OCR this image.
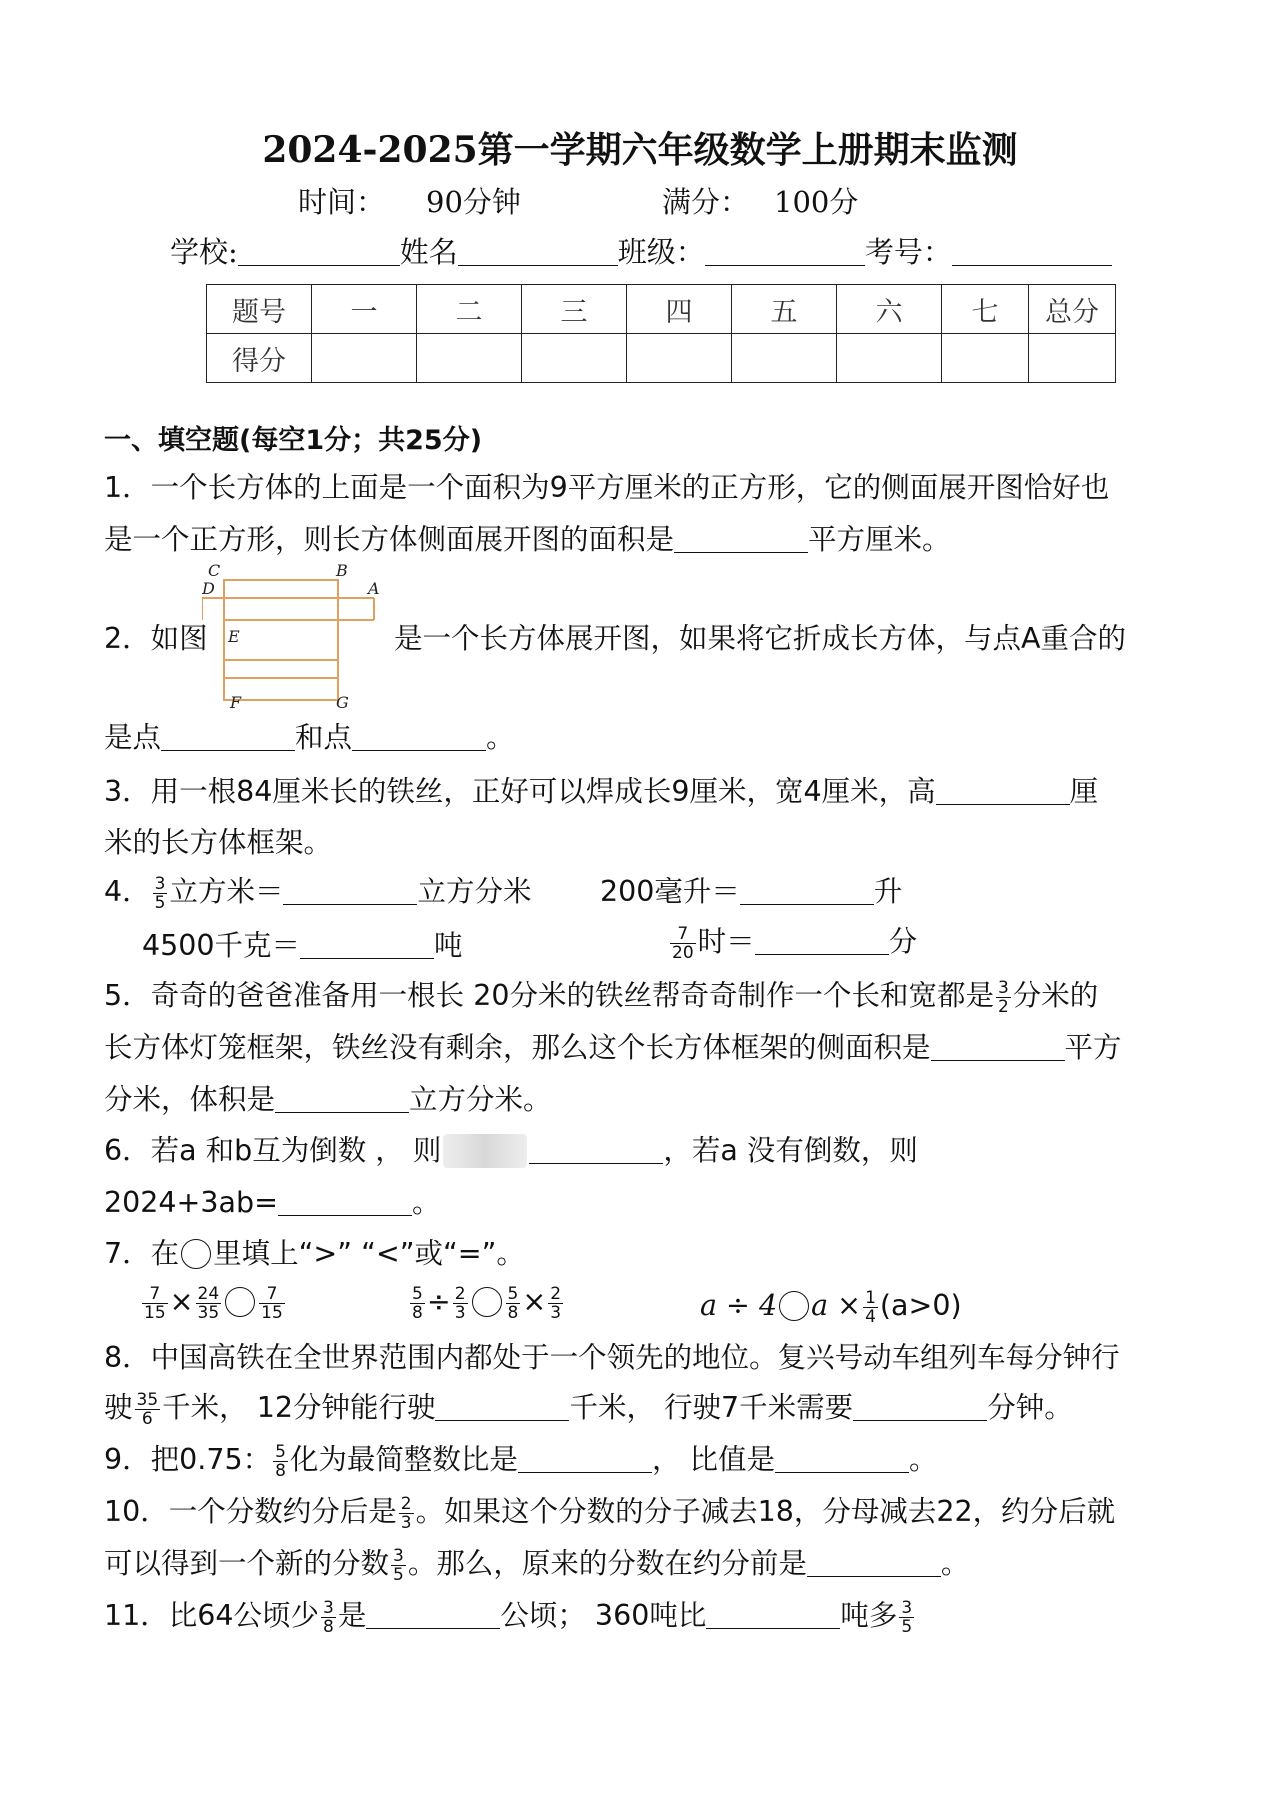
2024-2025第一学期六年级数学上册期末监测
时间： 90分钟	满分： 100分
学校:	姓名	班级：	考号：
题号	一	二	三	四	五	六	七	总分
得分								
一、填空题(每空1分；共25分)
1．一个长方体的上面是一个面积为9平方厘米的正方形，它的侧面展开图恰好也
是一个正方形，则长方体侧面展开图的面积是	平方厘米。
2．如图
C	B
D	A
E
F	G
是一个长方体展开图，如果将它折成长方体，与点A重合的
是点	和点	。
3．用一根84厘米长的铁丝，正好可以焊成长9厘米，宽4厘米，高	厘
米的长方体框架。
4． $\frac{3}{5}$ 立方米＝	立方分米 200毫升＝	升
4500千克＝	吨	$\frac{7}{20}$ 时＝	分
5．奇奇的爸爸准备用一根长 20分米的铁丝帮奇奇制作一个长和宽都是 $\frac{3}{2}$ 分米的
长方体灯笼框架，铁丝没有剩余，那么这个长方体框架的侧面积是	平方
分米，体积是	立方分米。
6．若a 和b互为倒数 ， 则	，若a 没有倒数，则
2024+3ab=	。
7．在 里填上“>” “<”或“=”。
$\frac{7}{15} \times \frac{24}{35} \frac{7}{15}$	$\frac{5}{8} \div \frac{2}{3} \frac{5}{8} \times \frac{2}{3}$	a ÷ 4 $a \times \frac{1}{4} (a>0)$
8．中国高铁在全世界范围内都处于一个领先的地位。复兴号动车组列车每分钟行
驶 $\frac{35}{6}$ 千米， 12分钟能行驶	千米， 行驶7千米需要	分钟。
9．把0.75： $\frac{5}{8}$ 化为最简整数比是	， 比值是	。
10．一个分数约分后是 $\frac{2}{3}$ 。如果这个分数的分子减去18，分母减去22，约分后就
可以得到一个新的分数 $\frac{3}{5}$ 。那么，原来的分数在约分前是	。
11．比64公顷少 $\frac{3}{8}$ 是	公顷； 360吨比	吨多 $\frac{3}{5}$
